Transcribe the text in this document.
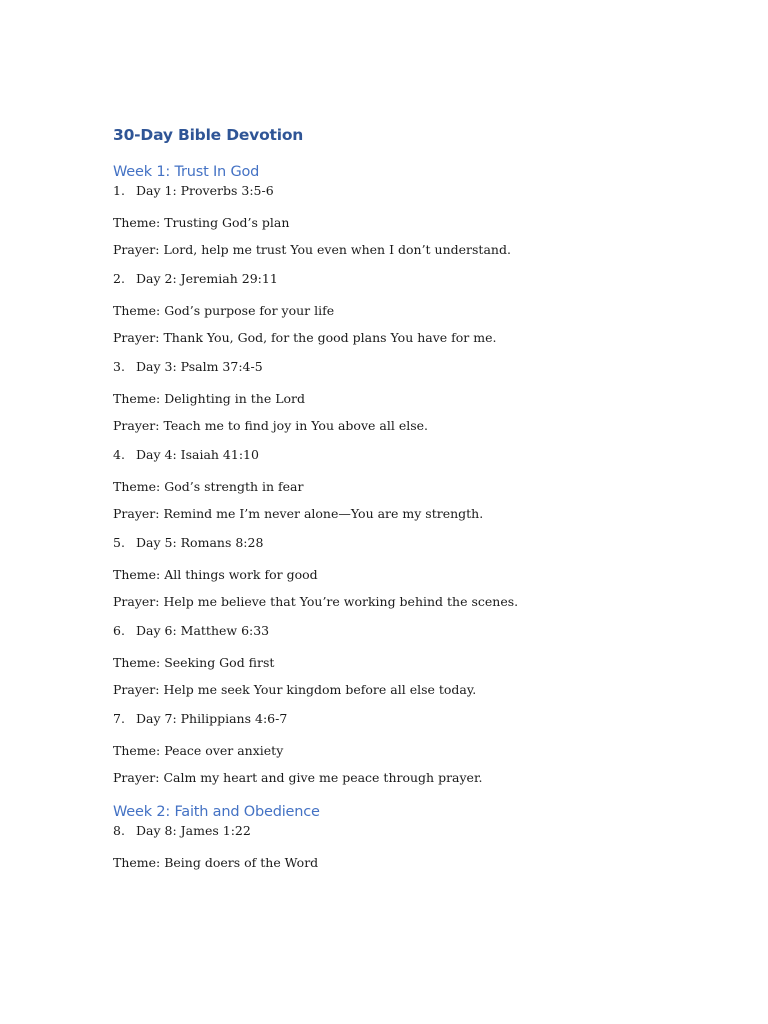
30-Day Bible Devotion
Week 1: Trust In God
1. Day 1: Proverbs 3:5-6

Theme: Trusting God’s plan

Prayer: Lord, help me trust You even when I don’t understand.

2. Day 2: Jeremiah 29:11

Theme: God’s purpose for your life

Prayer: Thank You, God, for the good plans You have for me.

3. Day 3: Psalm 37:4-5

Theme: Delighting in the Lord

Prayer: Teach me to find joy in You above all else.

4. Day 4: Isaiah 41:10

Theme: God’s strength in fear

Prayer: Remind me I’m never alone—You are my strength.

5. Day 5: Romans 8:28

Theme: All things work for good

Prayer: Help me believe that You’re working behind the scenes.

6. Day 6: Matthew 6:33

Theme: Seeking God first

Prayer: Help me seek Your kingdom before all else today.

7. Day 7: Philippians 4:6-7

Theme: Peace over anxiety

Prayer: Calm my heart and give me peace through prayer.

Week 2: Faith and Obedience
8. Day 8: James 1:22

Theme: Being doers of the Word
